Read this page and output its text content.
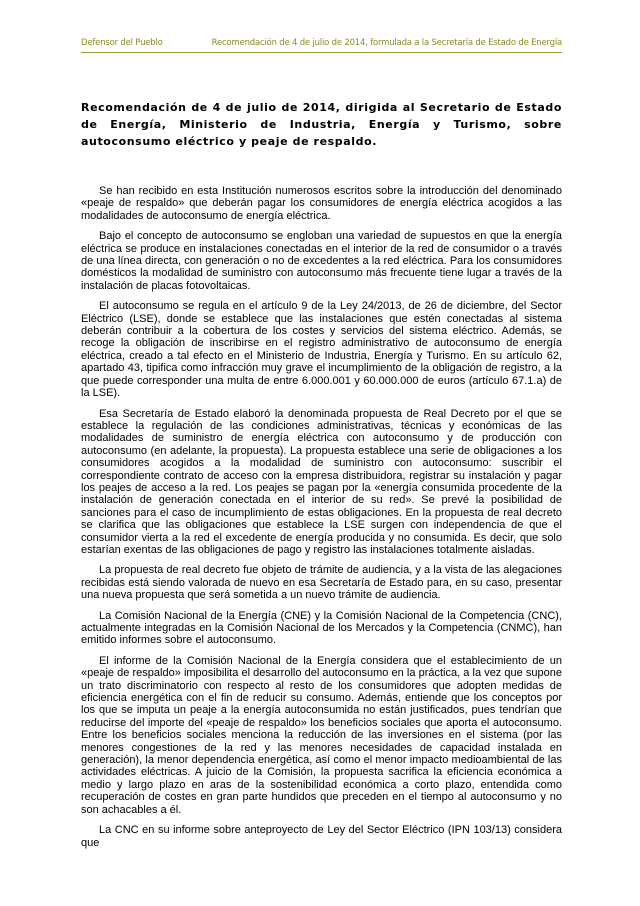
Defensor del Pueblo	Recomendación de 4 de julio de 2014, formulada a la Secretaría de Estado de Energía
Recomendación de 4 de julio de 2014, dirigida al Secretario de Estado de Energía, Ministerio de Industria, Energía y Turismo, sobre autoconsumo eléctrico y peaje de respaldo.

Se han recibido en esta Institución numerosos escritos sobre la introducción del denominado «peaje de respaldo» que deberán pagar los consumidores de energía eléctrica acogidos a las modalidades de autoconsumo de energía eléctrica.

Bajo el concepto de autoconsumo se engloban una variedad de supuestos en que la energía eléctrica se produce en instalaciones conectadas en el interior de la red de consumidor o a través de una línea directa, con generación o no de excedentes a la red eléctrica. Para los consumidores domésticos la modalidad de suministro con autoconsumo más frecuente tiene lugar a través de la instalación de placas fotovoltaicas.

El autoconsumo se regula en el artículo 9 de la Ley 24/2013, de 26 de diciembre, del Sector Eléctrico (LSE), donde se establece que las instalaciones que estén conectadas al sistema deberán contribuir a la cobertura de los costes y servicios del sistema eléctrico. Además, se recoge la obligación de inscribirse en el registro administrativo de autoconsumo de energía eléctrica, creado a tal efecto en el Ministerio de Industria, Energía y Turismo. En su artículo 62, apartado 43, tipifica como infracción muy grave el incumplimiento de la obligación de registro, a la que puede corresponder una multa de entre 6.000.001 y 60.000.000 de euros (artículo 67.1.a) de la LSE).

Esa Secretaría de Estado elaboró la denominada propuesta de Real Decreto por el que se establece la regulación de las condiciones administrativas, técnicas y económicas de las modalidades de suministro de energía eléctrica con autoconsumo y de producción con autoconsumo (en adelante, la propuesta). La propuesta establece una serie de obligaciones a los consumidores acogidos a la modalidad de suministro con autoconsumo: suscribir el correspondiente contrato de acceso con la empresa distribuidora, registrar su instalación y pagar los peajes de acceso a la red. Los peajes se pagan por la «energía consumida procedente de la instalación de generación conectada en el interior de su red». Se prevé la posibilidad de sanciones para el caso de incumplimiento de estas obligaciones. En la propuesta de real decreto se clarifica que las obligaciones que establece la LSE surgen con independencia de que el consumidor vierta a la red el excedente de energía producida y no consumida. Es decir, que solo estarían exentas de las obligaciones de pago y registro las instalaciones totalmente aisladas.

La propuesta de real decreto fue objeto de trámite de audiencia, y a la vista de las alegaciones recibidas está siendo valorada de nuevo en esa Secretaría de Estado para, en su caso, presentar una nueva propuesta que será sometida a un nuevo trámite de audiencia.

La Comisión Nacional de la Energía (CNE) y la Comisión Nacional de la Competencia (CNC), actualmente integradas en la Comisión Nacional de los Mercados y la Competencia (CNMC), han emitido informes sobre el autoconsumo.

El informe de la Comisión Nacional de la Energía considera que el establecimiento de un «peaje de respaldo» imposibilita el desarrollo del autoconsumo en la práctica, a la vez que supone un trato discriminatorio con respecto al resto de los consumidores que adopten medidas de eficiencia energética con el fin de reducir su consumo. Además, entiende que los conceptos por los que se imputa un peaje a la energía autoconsumida no están justificados, pues tendrían que reducirse del importe del «peaje de respaldo» los beneficios sociales que aporta el autoconsumo. Entre los beneficios sociales menciona la reducción de las inversiones en el sistema (por las menores congestiones de la red y las menores necesidades de capacidad instalada en generación), la menor dependencia energética, así como el menor impacto medioambiental de las actividades eléctricas. A juicio de la Comisión, la propuesta sacrifica la eficiencia económica a medio y largo plazo en aras de la sostenibilidad económica a corto plazo, entendida como recuperación de costes en gran parte hundidos que preceden en el tiempo al autoconsumo y no son achacables a él.

La CNC en su informe sobre anteproyecto de Ley del Sector Eléctrico (IPN 103/13) considera que
